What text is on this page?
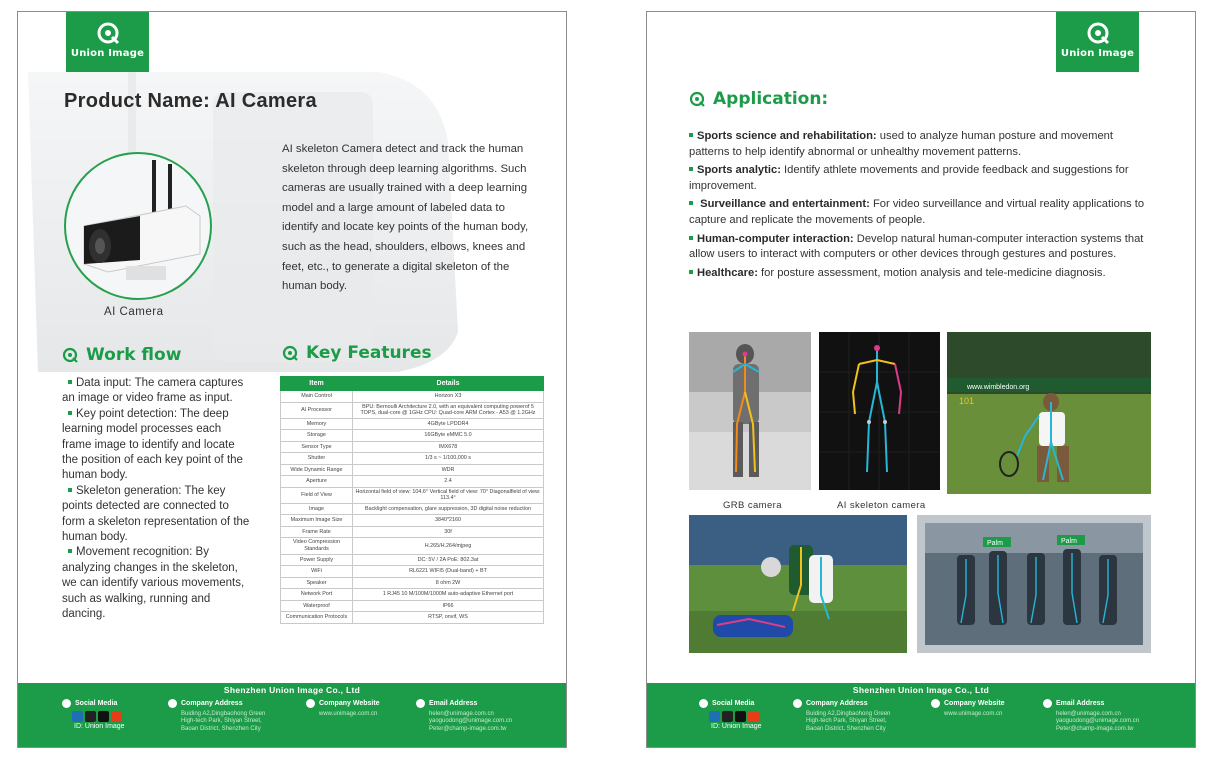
Union Image
Product Name: AI Camera
AI Camera
AI skeleton Camera detect and track the human skeleton through deep learning algorithms. Such cameras are usually trained with a deep learning model and a large amount of labeled data to identify and locate key points of the human body, such as the head, shoulders, elbows, knees and feet, etc., to generate a digital skeleton of the human body.
Work flow

Data input: The camera captures an image or video frame as input.

Key point detection: The deep learning model processes each frame image to identify and locate the position of each key point of the human body.

Skeleton generation: The key points detected are connected to form a skeleton representation of the human body.

Movement recognition: By analyzing changes in the skeleton, we can identify various movements, such as walking, running and dancing.

Key Features
Item	Details
Main Control	Horizon X3
AI Processor	BPU: Bernoulli Architecture 2.0, with an equivalent computing powerof 5 TOPS, dual-core @ 1GHz CPU: Quad-core ARM Cortex - A53 @ 1.2GHz
Memory	4GByte LPDDR4
Storage	16GByte eMMC 5.0
Sensor Type	IMX678
Shutter	1/3 s ~ 1/100,000 s
Wide Dynamic Range	WDR
Aperture	2.4
Field of View	Horizontal field of view: 104.6° Vertical field of view: 70° Diagonalfield of view: 113.4°
Image	Backlight compensation, glare suppression, 3D digital noise reduction
Maximum Image Size	3840*2160
Frame Rate	30f
Video Compression Standards	H.265/H.264/mjpeg
Power Supply	DC: 5V / 2A PoE: 802.3at
WiFi	RL6221 WIFI5 (Dual-band) + BT
Speaker	8 ohm 2W
Network Port	1 RJ45 10 M/100M/1000M auto-adaptive Ethernet port
Waterproof	IP66
Communication Protocols	RTSP, onvif, WS
Shenzhen Union Image Co., Ltd
Social Media
ID: Union Image
Company Address
Buiding A2,Dingbaohong Green
High-tech Park, Shiyan Street,
Baoan District, Shenzhen City
Company Website
www.unimage.com.cn
Email Address
helen@unimage.com.cn
yaoguodong@unimage.com.cn
Peter@champ-image.com.tw
Union Image
Application:

Sports science and rehabilitation: used to analyze human posture and movement patterns to help identify abnormal or unhealthy movement patterns.

Sports analytic: Identify athlete movements and provide feedback and suggestions for improvement.

Surveillance and entertainment: For video surveillance and virtual reality applications to capture and replicate the movements of people.

Human-computer interaction: Develop natural human-computer interaction systems that allow users to interact with computers or other devices through gestures and postures.

Healthcare: for posture assessment, motion analysis and tele-medicine diagnosis.

GRB camera	AI skeleton camera
www.wimbledon.org
101
Palm	Palm
Shenzhen Union Image Co., Ltd
Social Media
ID: Union Image
Company Address
Buiding A2,Dingbaohong Green
High-tech Park, Shiyan Street,
Baoan District, Shenzhen City
Company Website
www.unimage.com.cn
Email Address
helen@unimage.com.cn
yaoguodong@unimage.com.cn
Peter@champ-image.com.tw
